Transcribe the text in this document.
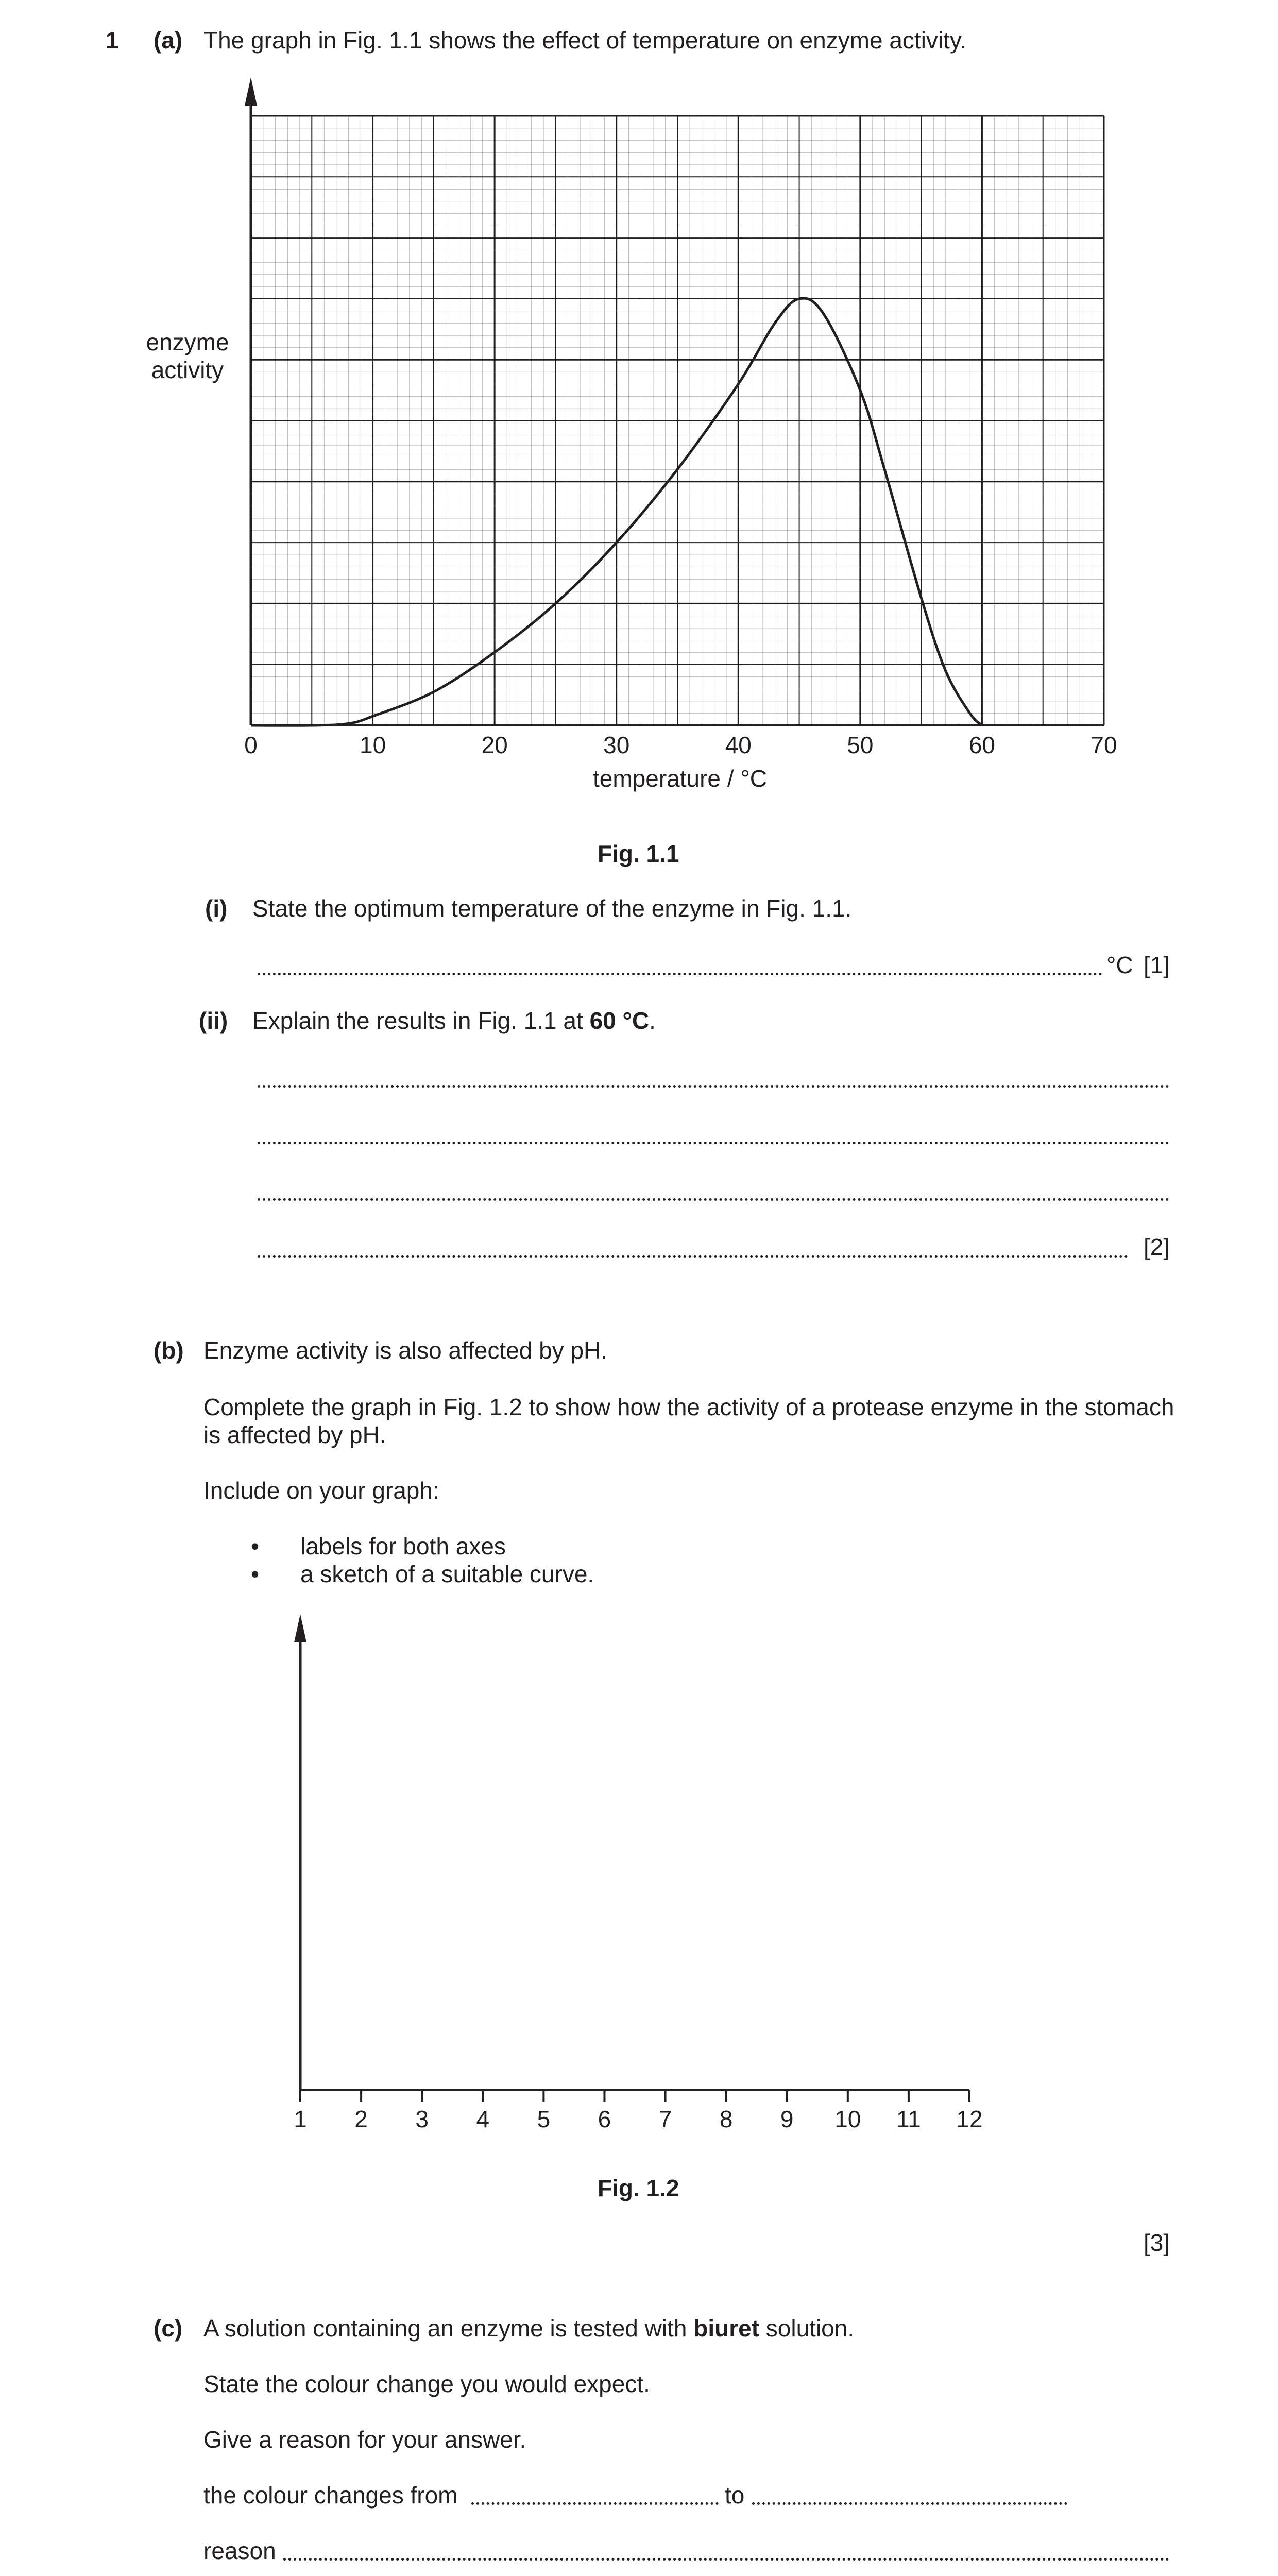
1 (a) The graph in Fig. 1.1 shows the effect of temperature on enzyme activity.
0	10	20	30	40	50	60	70
enzyme
activity
temperature / °C
Fig. 1.1
(i) State the optimum temperature of the enzyme in Fig. 1.1.
°C [1]
(ii) Explain the results in Fig. 1.1 at 60 °C.
[2]
(b) Enzyme activity is also affected by pH.
Complete the graph in Fig. 1.2 to show how the activity of a protease enzyme in the stomach
is affected by pH.
Include on your graph:
• labels for both axes
• a sketch of a suitable curve.
1 2 3 4 5 6 7 8 9 10 11 12
Fig. 1.2
[3]
(c) A solution containing an enzyme is tested with biuret solution.
State the colour change you would expect.
Give a reason for your answer.
the colour changes from	to
reason
